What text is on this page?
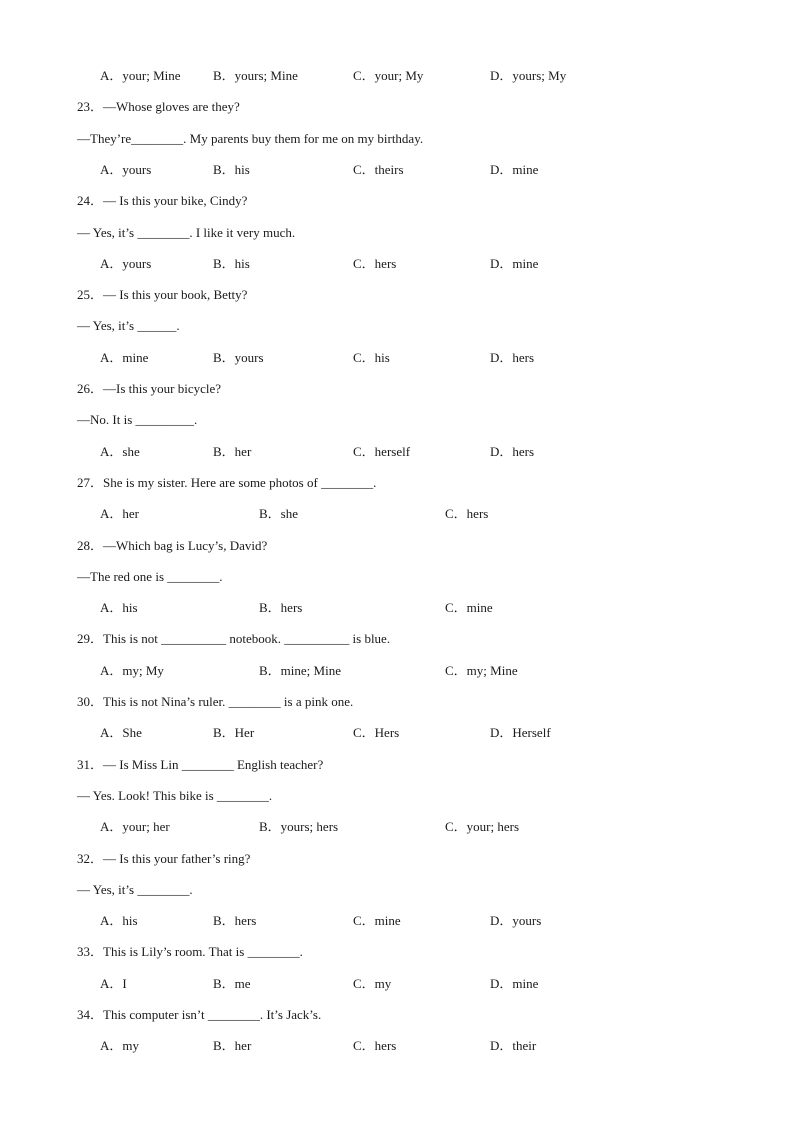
A．your; Mine B．yours; Mine	C．your; My	D．yours; My
23．—Whose gloves are they?
—They’re________. My parents buy them for me on my birthday.
A．yours	B．his	C．theirs	D．mine
24．— Is this your bike, Cindy?
— Yes, it’s ________. I like it very much.
A．yours	B．his	C．hers	D．mine
25．— Is this your book, Betty?
— Yes, it’s ______.
A．mine	B．yours	C．his	D．hers
26．—Is this your bicycle?
—No. It is _________.
A．she	B．her	C．herself	D．hers
27．She is my sister. Here are some photos of ________.
A．her	B．she	C．hers
28．—Which bag is Lucy’s, David?
—The red one is ________.
A．his	B．hers	C．mine
29．This is not __________ notebook. __________ is blue.
A．my; My	B．mine; Mine	C．my; Mine
30．This is not Nina’s ruler. ________ is a pink one.
A．She	B．Her	C．Hers	D．Herself
31．— Is Miss Lin ________ English teacher?
— Yes. Look! This bike is ________.
A．your; her	B．yours; hers	C．your; hers
32．— Is this your father’s ring?
— Yes, it’s ________.
A．his	B．hers	C．mine	D．yours
33．This is Lily’s room. That is ________.
A．I	B．me	C．my	D．mine
34．This computer isn’t ________. It’s Jack’s.
A．my	B．her	C．hers	D．their
